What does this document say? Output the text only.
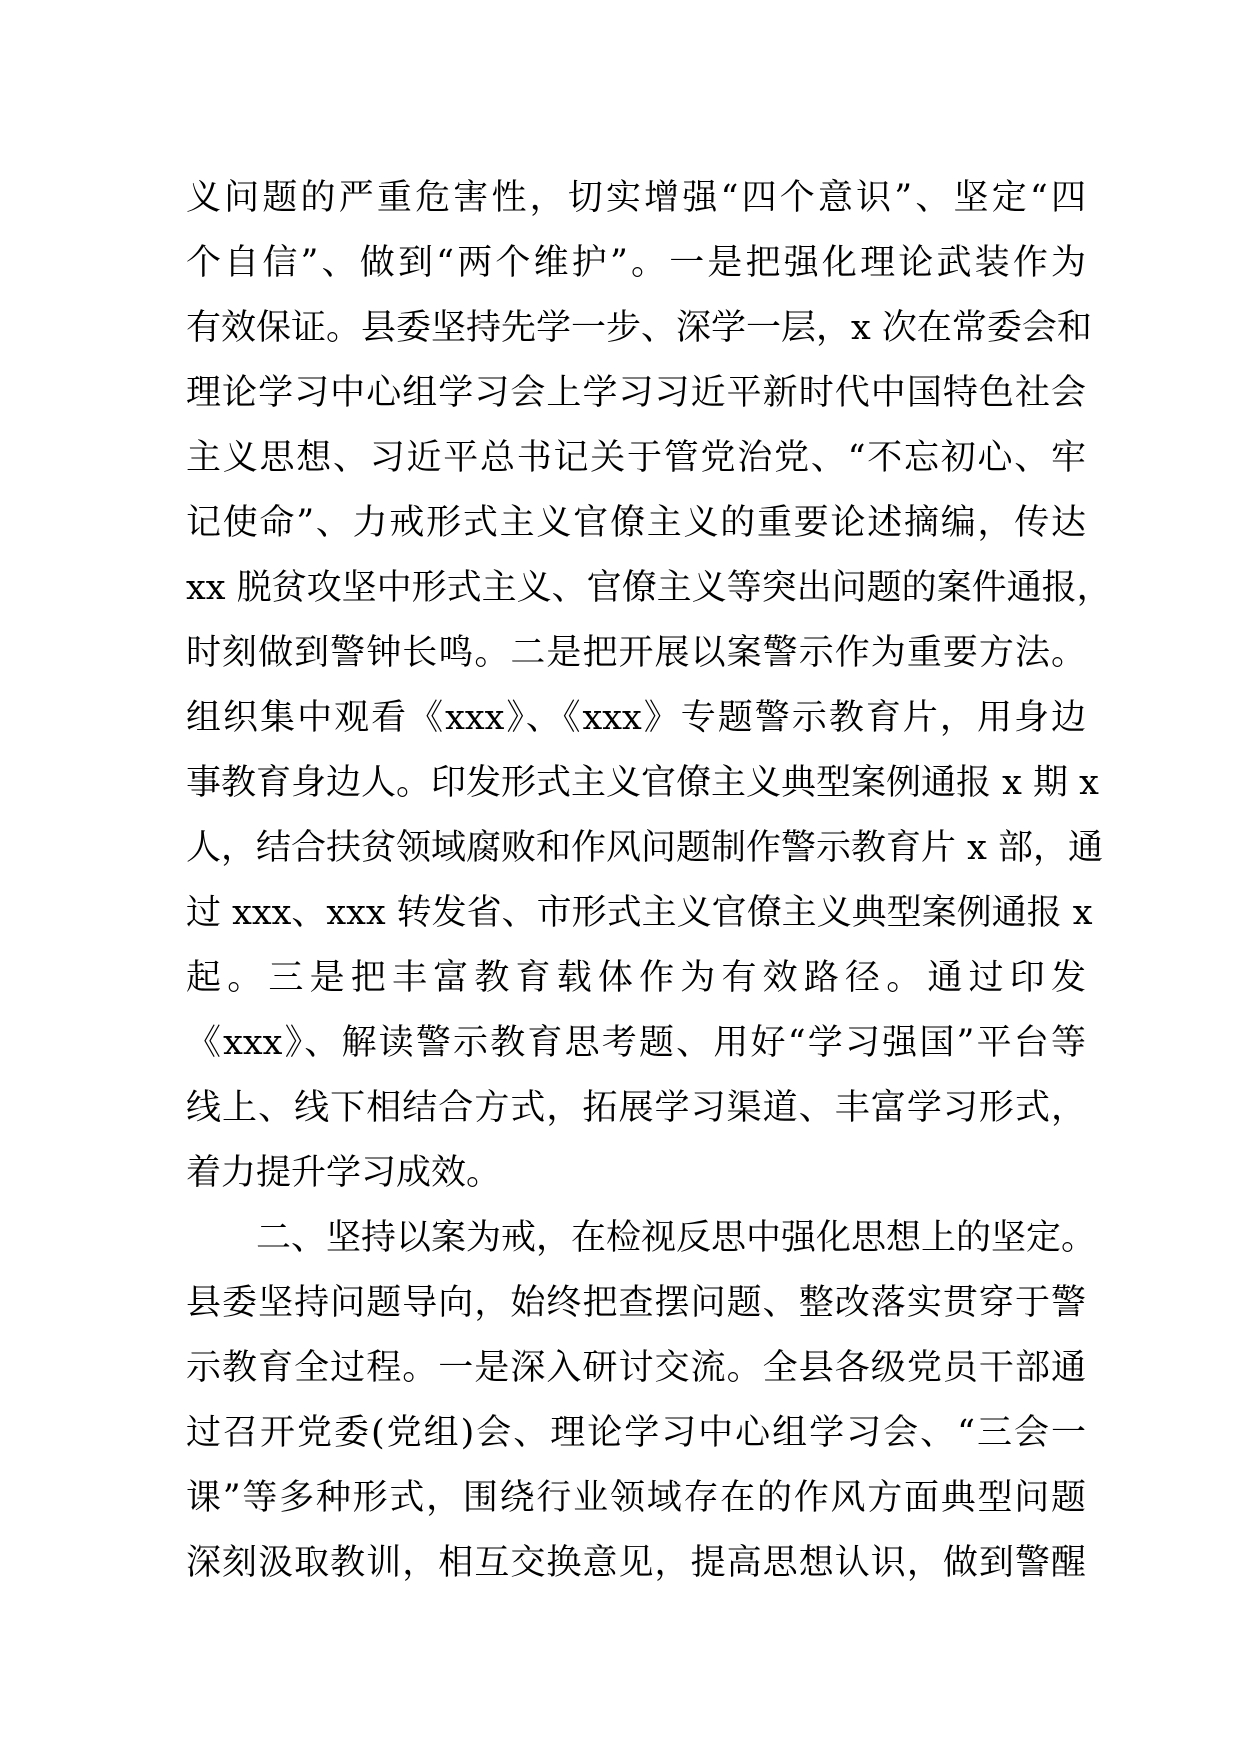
义问题的严重危害性，切实增强“四个意识”、坚定“四
个自信”、做到“两个维护”。一是把强化理论武装作为
有效保证。县委坚持先学一步、深学一层，x 次在常委会和
理论学习中心组学习会上学习习近平新时代中国特色社会
主义思想、习近平总书记关于管党治党、“不忘初心、牢
记使命”、力戒形式主义官僚主义的重要论述摘编，传达
xx 脱贫攻坚中形式主义、官僚主义等突出问题的案件通报，
时刻做到警钟长鸣。二是把开展以案警示作为重要方法。
组织集中观看《xxx》、《xxx》专题警示教育片，用身边
事教育身边人。印发形式主义官僚主义典型案例通报 x 期 x
人，结合扶贫领域腐败和作风问题制作警示教育片 x 部，通
过 xxx、xxx 转发省、市形式主义官僚主义典型案例通报 x
起。三是把丰富教育载体作为有效路径。通过印发
《xxx》、解读警示教育思考题、用好“学习强国”平台等
线上、线下相结合方式，拓展学习渠道、丰富学习形式，
着力提升学习成效。
二、坚持以案为戒，在检视反思中强化思想上的坚定。
县委坚持问题导向，始终把查摆问题、整改落实贯穿于警
示教育全过程。一是深入研讨交流。全县各级党员干部通
过召开党委(党组)会、理论学习中心组学习会、“三会一
课”等多种形式，围绕行业领域存在的作风方面典型问题
深刻汲取教训，相互交换意见，提高思想认识，做到警醒
